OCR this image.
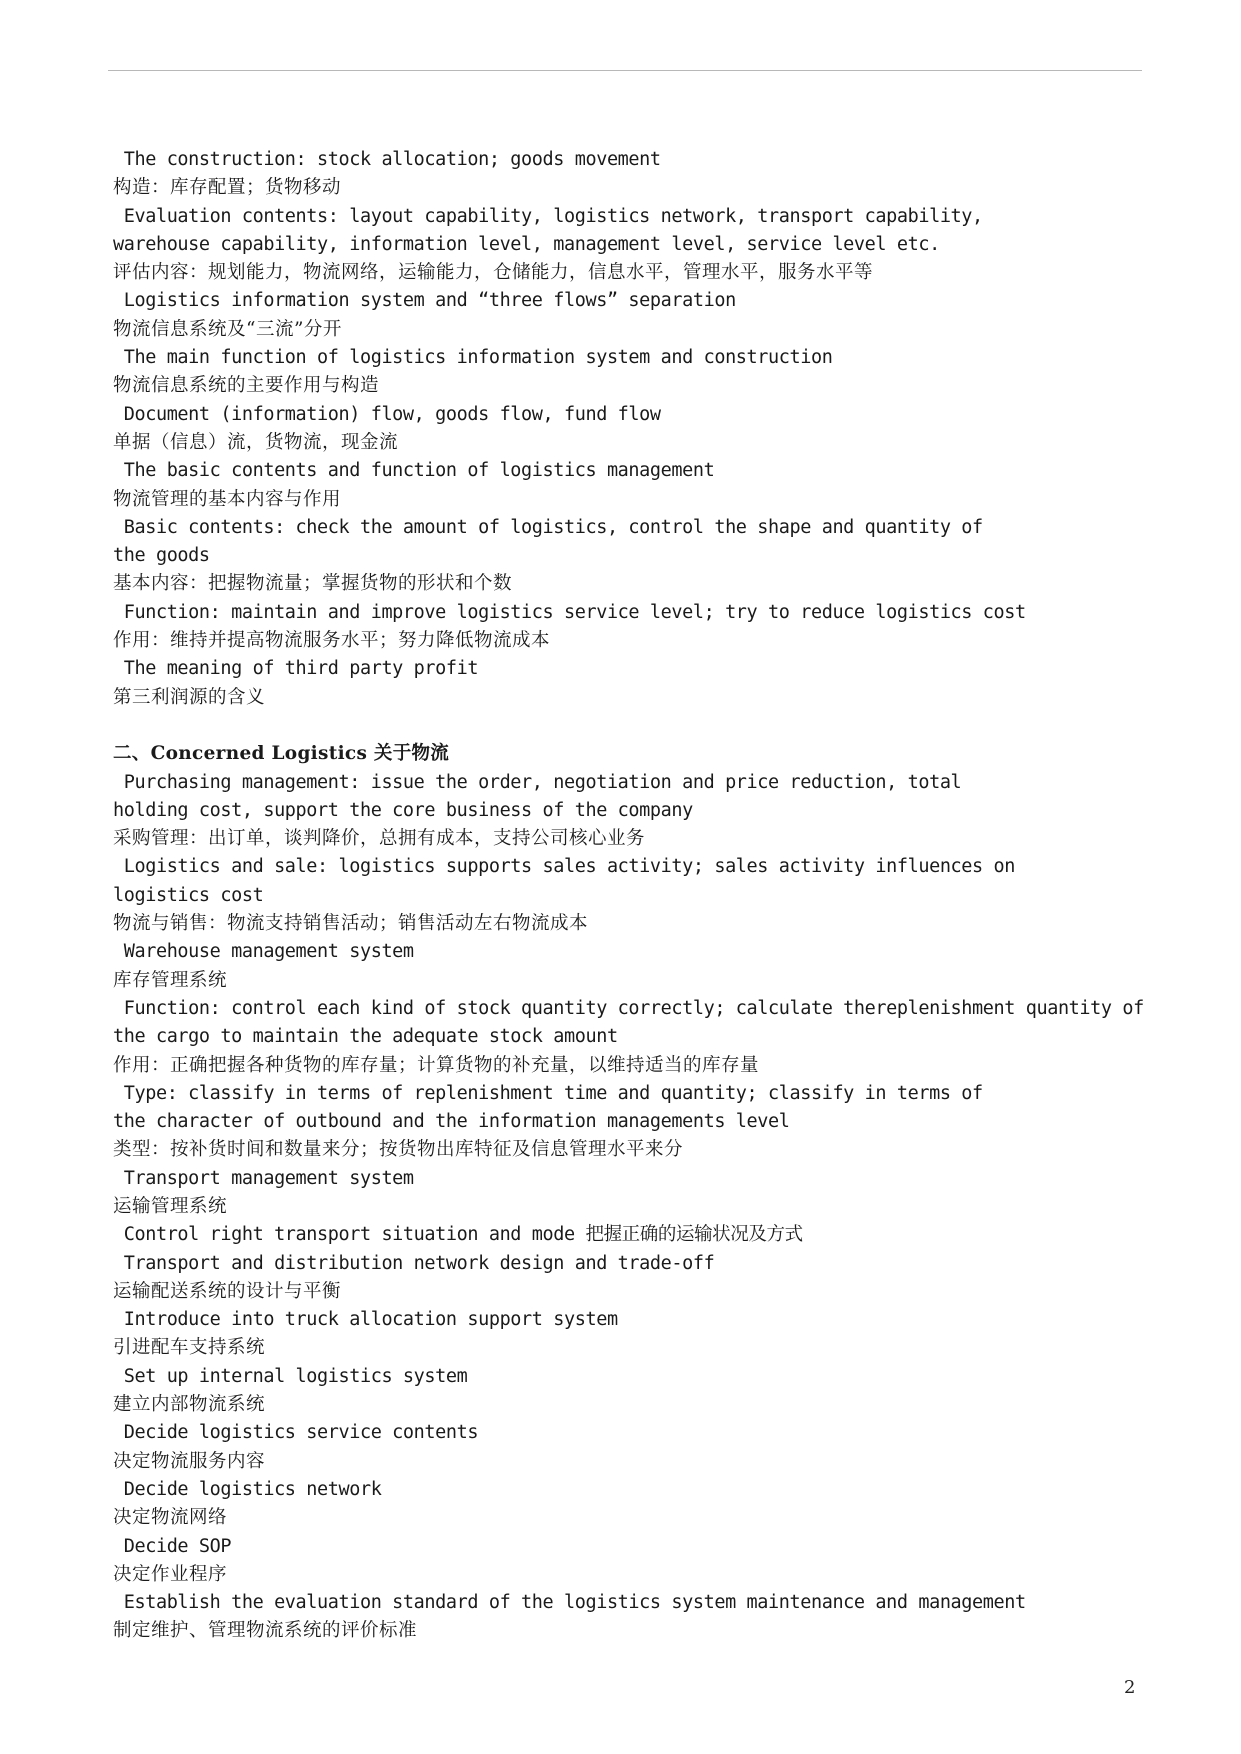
The construction: stock allocation; goods movement
构造：库存配置；货物移动
Evaluation contents: layout capability, logistics network, transport capability,
warehouse capability, information level, management level, service level etc.
评估内容：规划能力，物流网络，运输能力，仓储能力，信息水平，管理水平，服务水平等
Logistics information system and “three flows” separation
物流信息系统及“三流”分开
The main function of logistics information system and construction
物流信息系统的主要作用与构造
Document (information) flow, goods flow, fund flow
单据（信息）流，货物流，现金流
The basic contents and function of logistics management
物流管理的基本内容与作用
Basic contents: check the amount of logistics, control the shape and quantity of
the goods
基本内容：把握物流量；掌握货物的形状和个数
Function: maintain and improve logistics service level; try to reduce logistics cost
作用：维持并提高物流服务水平；努力降低物流成本
The meaning of third party profit
第三利润源的含义
二、Concerned Logistics 关于物流
Purchasing management: issue the order, negotiation and price reduction, total
holding cost, support the core business of the company
采购管理：出订单，谈判降价，总拥有成本，支持公司核心业务
Logistics and sale: logistics supports sales activity; sales activity influences on
logistics cost
物流与销售：物流支持销售活动；销售活动左右物流成本
Warehouse management system
库存管理系统
Function: control each kind of stock quantity correctly; calculate thereplenishment quantity of
the cargo to maintain the adequate stock amount
作用：正确把握各种货物的库存量；计算货物的补充量，以维持适当的库存量
Type: classify in terms of replenishment time and quantity; classify in terms of
the character of outbound and the information managements level
类型：按补货时间和数量来分；按货物出库特征及信息管理水平来分
Transport management system
运输管理系统
Control right transport situation and mode 把握正确的运输状况及方式
Transport and distribution network design and trade-off
运输配送系统的设计与平衡
Introduce into truck allocation support system
引进配车支持系统
Set up internal logistics system
建立内部物流系统
Decide logistics service contents
决定物流服务内容
Decide logistics network
决定物流网络
Decide SOP
决定作业程序
Establish the evaluation standard of the logistics system maintenance and management
制定维护、管理物流系统的评价标准
2
